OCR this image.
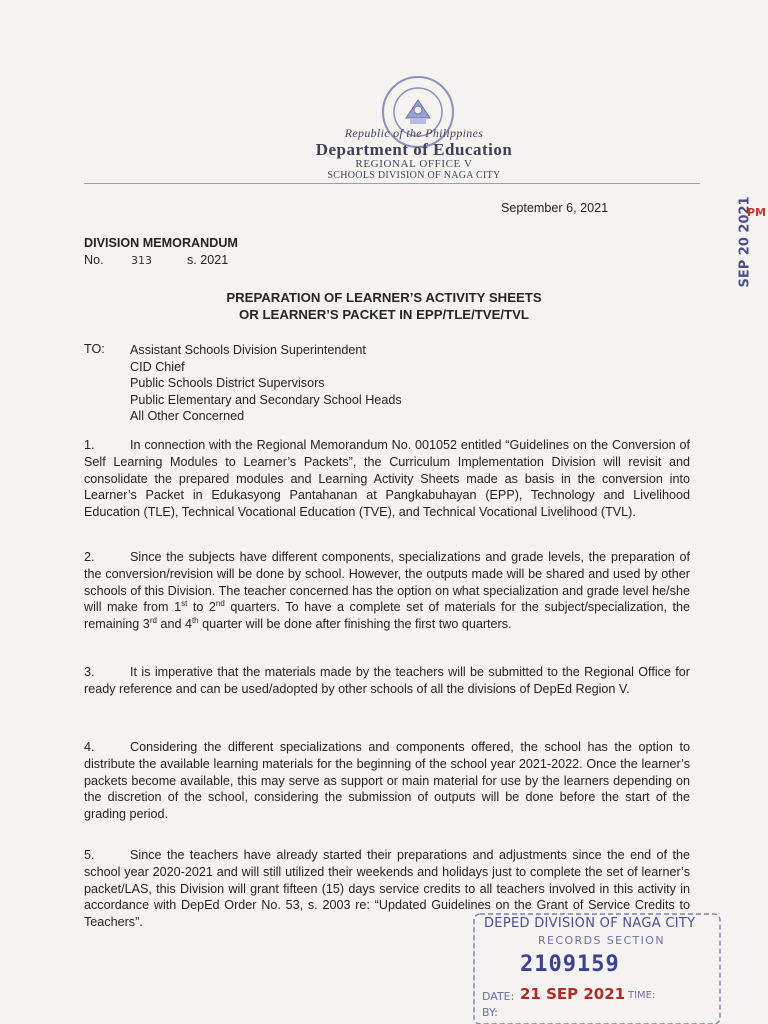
Republic of the Philippines
Department of Education
REGIONAL OFFICE V
SCHOOLS DIVISION OF NAGA CITY
SEP 20 2021
PM
September 6, 2021
DIVISION MEMORANDUM
No. 313	s. 2021
PREPARATION OF LEARNER’S ACTIVITY SHEETS
OR LEARNER’S PACKET IN EPP/TLE/TVE/TVL
TO: Assistant Schools Division Superintendent
CID Chief
Public Schools District Supervisors
Public Elementary and Secondary School Heads
All Other Concerned
1.	In connection with the Regional Memorandum No. 001052 entitled “Guidelines on the Conversion of Self Learning Modules to Learner’s Packets”, the Curriculum Implementation Division will revisit and consolidate the prepared modules and Learning Activity Sheets made as basis in the conversion into Learner’s Packet in Edukasyong Pantahanan at Pangkabuhayan (EPP), Technology and Livelihood Education (TLE), Technical Vocational Education (TVE), and Technical Vocational Livelihood (TVL).
2.	Since the subjects have different components, specializations and grade levels, the preparation of the conversion/revision will be done by school. However, the outputs made will be shared and used by other schools of this Division. The teacher concerned has the option on what specialization and grade level he/she will make from 1st to 2nd quarters. To have a complete set of materials for the subject/specialization, the remaining 3rd and 4th quarter will be done after finishing the first two quarters.
3.	It is imperative that the materials made by the teachers will be submitted to the Regional Office for ready reference and can be used/adopted by other schools of all the divisions of DepEd Region V.
4.	Considering the different specializations and components offered, the school has the option to distribute the available learning materials for the beginning of the school year 2021-2022. Once the learner’s packets become available, this may serve as support or main material for use by the learners depending on the discretion of the school, considering the submission of outputs will be done before the start of the grading period.
5.	Since the teachers have already started their preparations and adjustments since the end of the school year 2020-2021 and will still utilized their weekends and holidays just to complete the set of learner’s packet/LAS, this Division will grant fifteen (15) days service credits to all teachers involved in this activity in accordance with DepEd Order No. 53, s. 2003 re: “Updated Guidelines on the Grant of Service Credits to Teachers”.	DEPED DIVISION OF NAGA CITY
RECORDS SECTION
2109159
DATE: 21 SEP 2021 TIME:
BY:
